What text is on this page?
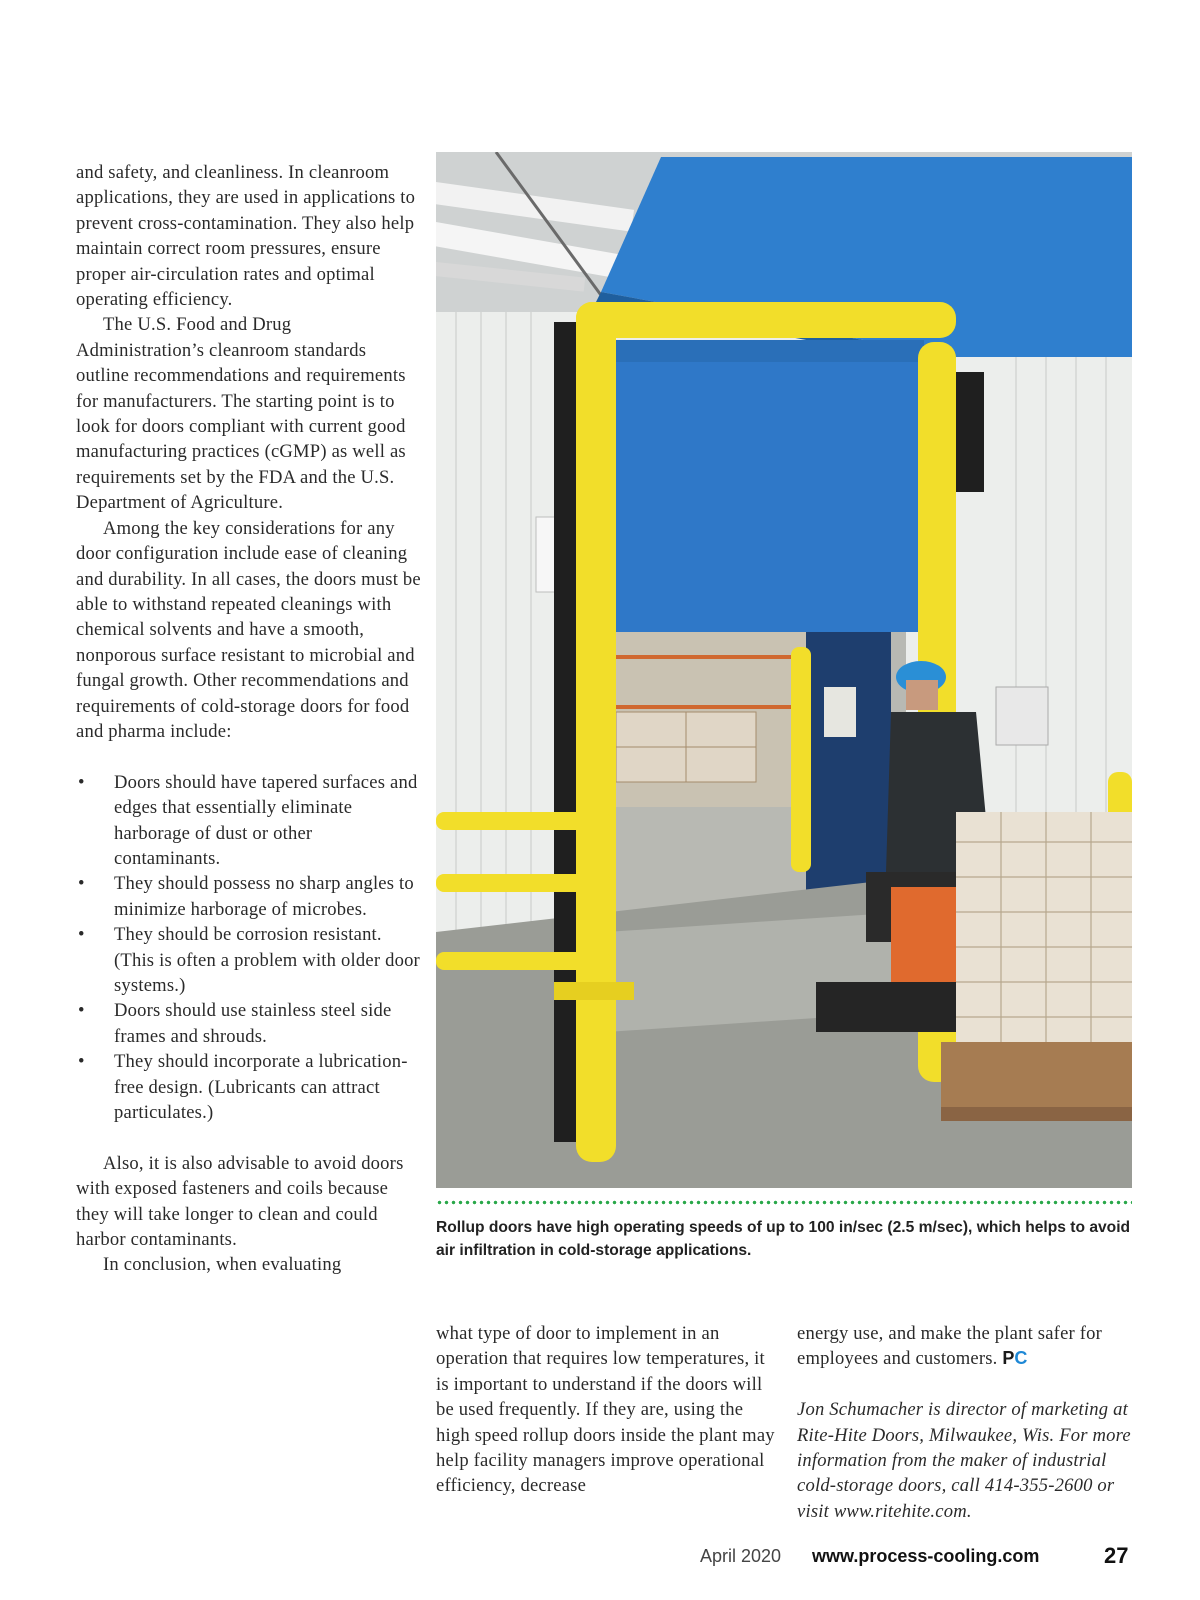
and safety, and cleanliness. In cleanroom applications, they are used in applications to prevent cross-contamination. They also help maintain correct room pressures, ensure proper air-circulation rates and optimal operating efficiency.

The U.S. Food and Drug Administration’s cleanroom standards outline recommendations and requirements for manufacturers. The starting point is to look for doors compliant with current good manufacturing practices (cGMP) as well as requirements set by the FDA and the U.S. Department of Agriculture.

Among the key considerations for any door configuration include ease of cleaning and durability. In all cases, the doors must be able to withstand repeated cleanings with chemical solvents and have a smooth, nonporous surface resistant to microbial and fungal growth. Other recommendations and requirements of cold-storage doors for food and pharma include:

• Doors should have tapered surfaces and edges that essentially eliminate harborage of dust or other contaminants.
• They should possess no sharp angles to minimize harborage of microbes.
• They should be corrosion resistant. (This is often a problem with older door systems.)
• Doors should use stainless steel side frames and shrouds.
• They should incorporate a lubrication-free design. (Lubricants can attract particulates.)

Also, it is also advisable to avoid doors with exposed fasteners and coils because they will take longer to clean and could harbor contaminants.

In conclusion, when evaluating

Rollup doors have high operating speeds of up to 100 in/sec (2.5 m/sec), which helps to avoid air infiltration in cold-storage applications.

what type of door to implement in an operation that requires low temperatures, it is important to understand if the doors will be used frequently. If they are, using the high speed rollup doors inside the plant may help facility managers improve operational efficiency, decrease

energy use, and make the plant safer for employees and customers. PC

Jon Schumacher is director of marketing at Rite-Hite Doors, Milwaukee, Wis. For more information from the maker of industrial cold-storage doors, call 414-355-2600 or visit www.ritehite.com.

April 2020 www.process-cooling.com	27
